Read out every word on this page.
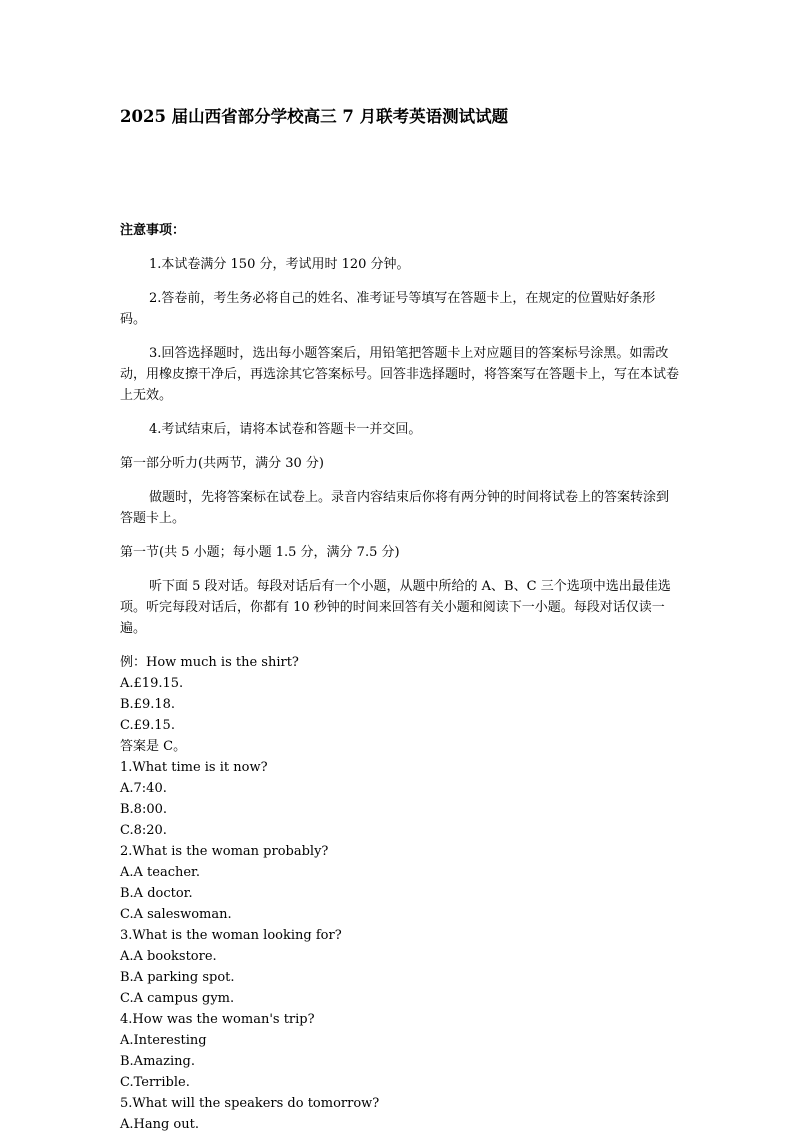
2025 届山西省部分学校高三 7 月联考英语测试试题

注意事项：

1.本试卷满分 150 分，考试用时 120 分钟。

2.答卷前，考生务必将自己的姓名、准考证号等填写在答题卡上，在规定的位置贴好条形码。

3.回答选择题时，选出每小题答案后，用铅笔把答题卡上对应题目的答案标号涂黑。如需改动，用橡皮擦干净后，再选涂其它答案标号。回答非选择题时，将答案写在答题卡上，写在本试卷上无效。

4.考试结束后，请将本试卷和答题卡一并交回。

第一部分听力(共两节，满分 30 分)

做题时，先将答案标在试卷上。录音内容结束后你将有两分钟的时间将试卷上的答案转涂到答题卡上。

第一节(共 5 小题；每小题 1.5 分，满分 7.5 分)

听下面 5 段对话。每段对话后有一个小题，从题中所给的 A、B、C 三个选项中选出最佳选项。听完每段对话后，你都有 10 秒钟的时间来回答有关小题和阅读下一小题。每段对话仅读一遍。

例：How much is the shirt?

A.£19.15.

B.£9.18.

C.£9.15.

答案是 C。

1.What time is it now?

A.7:40.

B.8:00.

C.8:20.

2.What is the woman probably?

A.A teacher.

B.A doctor.

C.A saleswoman.

3.What is the woman looking for?

A.A bookstore.

B.A parking spot.

C.A campus gym.

4.How was the woman's trip?

A.Interesting

B.Amazing.

C.Terrible.

5.What will the speakers do tomorrow?

A.Hang out.
